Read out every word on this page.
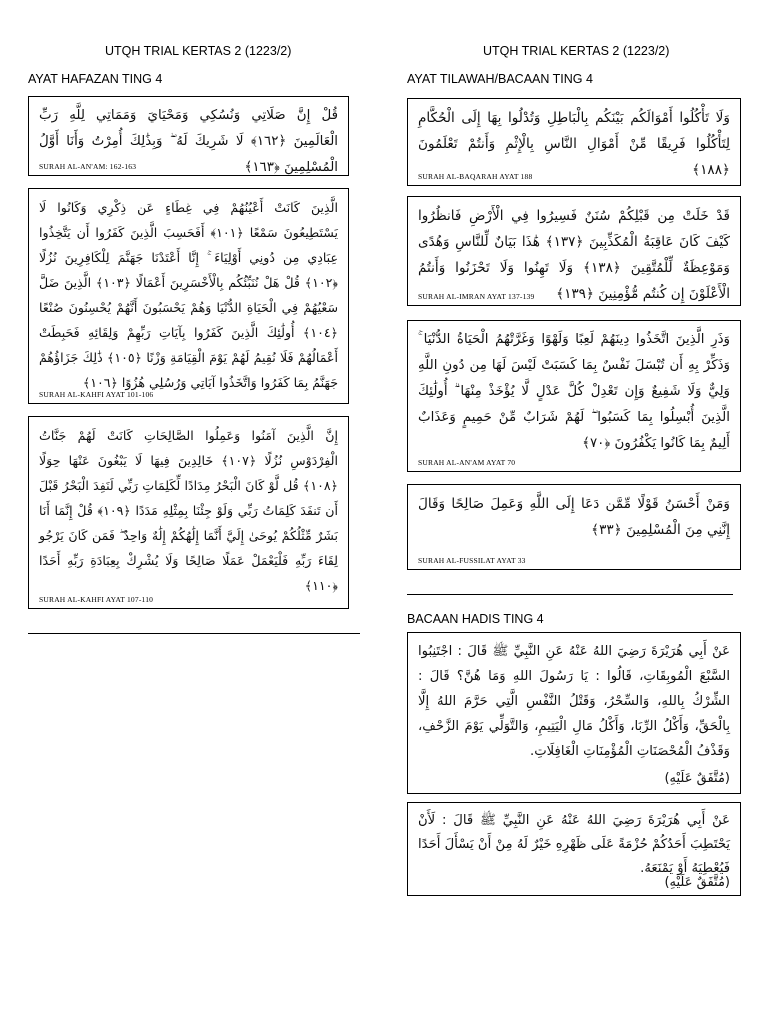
UTQH TRIAL KERTAS 2 (1223/2)
AYAT HAFAZAN TING 4
قُلْ إِنَّ صَلَاتِي وَنُسُكِي وَمَحْيَايَ وَمَمَاتِي لِلَّهِ رَبِّ الْعَالَمِينَ ﴿١٦٢﴾ لَا شَرِيكَ لَهُ ۖ وَبِذَٰلِكَ أُمِرْتُ وَأَنَا أَوَّلُ الْمُسْلِمِينَ ﴿١٦٣﴾
SURAH AL-AN'AM: 162-163
الَّذِينَ كَانَتْ أَعْيُنُهُمْ فِي غِطَاءٍ عَن ذِكْرِي وَكَانُوا لَا يَسْتَطِيعُونَ سَمْعًا ﴿١٠١﴾ أَفَحَسِبَ الَّذِينَ كَفَرُوا أَن يَتَّخِذُوا عِبَادِي مِن دُونِي أَوْلِيَاءَ ۚ إِنَّا أَعْتَدْنَا جَهَنَّمَ لِلْكَافِرِينَ نُزُلًا ﴿١٠٢﴾ قُلْ هَلْ نُنَبِّئُكُم بِالْأَخْسَرِينَ أَعْمَالًا ﴿١٠٣﴾ الَّذِينَ ضَلَّ سَعْيُهُمْ فِي الْحَيَاةِ الدُّنْيَا وَهُمْ يَحْسَبُونَ أَنَّهُمْ يُحْسِنُونَ صُنْعًا ﴿١٠٤﴾ أُولَٰئِكَ الَّذِينَ كَفَرُوا بِآيَاتِ رَبِّهِمْ وَلِقَائِهِ فَحَبِطَتْ أَعْمَالُهُمْ فَلَا نُقِيمُ لَهُمْ يَوْمَ الْقِيَامَةِ وَزْنًا ﴿١٠٥﴾ ذَٰلِكَ جَزَاؤُهُمْ جَهَنَّمُ بِمَا كَفَرُوا وَاتَّخَذُوا آيَاتِي وَرُسُلِي هُزُوًا ﴿١٠٦﴾
SURAH AL-KAHFI AYAT 101-106
إِنَّ الَّذِينَ آمَنُوا وَعَمِلُوا الصَّالِحَاتِ كَانَتْ لَهُمْ جَنَّاتُ الْفِرْدَوْسِ نُزُلًا ﴿١٠٧﴾ خَالِدِينَ فِيهَا لَا يَبْغُونَ عَنْهَا حِوَلًا ﴿١٠٨﴾ قُل لَّوْ كَانَ الْبَحْرُ مِدَادًا لِّكَلِمَاتِ رَبِّي لَنَفِدَ الْبَحْرُ قَبْلَ أَن تَنفَدَ كَلِمَاتُ رَبِّي وَلَوْ جِئْنَا بِمِثْلِهِ مَدَدًا ﴿١٠٩﴾ قُلْ إِنَّمَا أَنَا بَشَرٌ مِّثْلُكُمْ يُوحَىٰ إِلَيَّ أَنَّمَا إِلَٰهُكُمْ إِلَٰهٌ وَاحِدٌ ۖ فَمَن كَانَ يَرْجُو لِقَاءَ رَبِّهِ فَلْيَعْمَلْ عَمَلًا صَالِحًا وَلَا يُشْرِكْ بِعِبَادَةِ رَبِّهِ أَحَدًا ﴿١١٠﴾
SURAH AL-KAHFI AYAT 107-110
UTQH TRIAL KERTAS 2 (1223/2)
AYAT TILAWAH/BACAAN TING 4
وَلَا تَأْكُلُوا أَمْوَالَكُم بَيْنَكُم بِالْبَاطِلِ وَتُدْلُوا بِهَا إِلَى الْحُكَّامِ لِتَأْكُلُوا فَرِيقًا مِّنْ أَمْوَالِ النَّاسِ بِالْإِثْمِ وَأَنتُمْ تَعْلَمُونَ ﴿١٨٨﴾
SURAH AL-BAQARAH AYAT 188
قَدْ خَلَتْ مِن قَبْلِكُمْ سُنَنٌ فَسِيرُوا فِي الْأَرْضِ فَانظُرُوا كَيْفَ كَانَ عَاقِبَةُ الْمُكَذِّبِينَ ﴿١٣٧﴾ هَٰذَا بَيَانٌ لِّلنَّاسِ وَهُدًى وَمَوْعِظَةٌ لِّلْمُتَّقِينَ ﴿١٣٨﴾ وَلَا تَهِنُوا وَلَا تَحْزَنُوا وَأَنتُمُ الْأَعْلَوْنَ إِن كُنتُم مُّؤْمِنِينَ ﴿١٣٩﴾
SURAH AL-IMRAN AYAT 137-139
وَذَرِ الَّذِينَ اتَّخَذُوا دِينَهُمْ لَعِبًا وَلَهْوًا وَغَرَّتْهُمُ الْحَيَاةُ الدُّنْيَا ۚ وَذَكِّرْ بِهِ أَن تُبْسَلَ نَفْسٌ بِمَا كَسَبَتْ لَيْسَ لَهَا مِن دُونِ اللَّهِ وَلِيٌّ وَلَا شَفِيعٌ وَإِن تَعْدِلْ كُلَّ عَدْلٍ لَّا يُؤْخَذْ مِنْهَا ۗ أُولَٰئِكَ الَّذِينَ أُبْسِلُوا بِمَا كَسَبُوا ۖ لَهُمْ شَرَابٌ مِّنْ حَمِيمٍ وَعَذَابٌ أَلِيمٌ بِمَا كَانُوا يَكْفُرُونَ ﴿٧٠﴾
SURAH AL-AN'AM AYAT 70
وَمَنْ أَحْسَنُ قَوْلًا مِّمَّن دَعَا إِلَى اللَّهِ وَعَمِلَ صَالِحًا وَقَالَ إِنَّنِي مِنَ الْمُسْلِمِينَ ﴿٣٣﴾
SURAH AL-FUSSILAT AYAT 33
BACAAN HADIS TING 4
عَنْ أَبِي هُرَيْرَةَ رَضِيَ اللهُ عَنْهُ عَنِ النَّبِيِّ ﷺ قَالَ : اجْتَنِبُوا السَّبْعَ الْمُوبِقَاتِ، قَالُوا : يَا رَسُولَ اللهِ وَمَا هُنَّ؟ قَالَ : الشِّرْكُ بِاللهِ، وَالسِّحْرُ، وَقَتْلُ النَّفْسِ الَّتِي حَرَّمَ اللهُ إِلَّا بِالْحَقِّ، وَأَكْلُ الرِّبَا، وَأَكْلُ مَالِ الْيَتِيمِ، وَالتَّوَلِّي يَوْمَ الزَّحْفِ، وَقَذْفُ الْمُحْصَنَاتِ الْمُؤْمِنَاتِ الْغَافِلَاتِ.
(مُتَّفَقٌ عَلَيْهِ)
عَنْ أَبِي هُرَيْرَةَ رَضِيَ اللهُ عَنْهُ عَنِ النَّبِيِّ ﷺ قَالَ : لَأَنْ يَحْتَطِبَ أَحَدُكُمْ حُزْمَةً عَلَى ظَهْرِهِ خَيْرٌ لَهُ مِنْ أَنْ يَسْأَلَ أَحَدًا فَيُعْطِيَهُ أَوْ يَمْنَعَهُ.
(مُتَّفَقٌ عَلَيْهِ)
